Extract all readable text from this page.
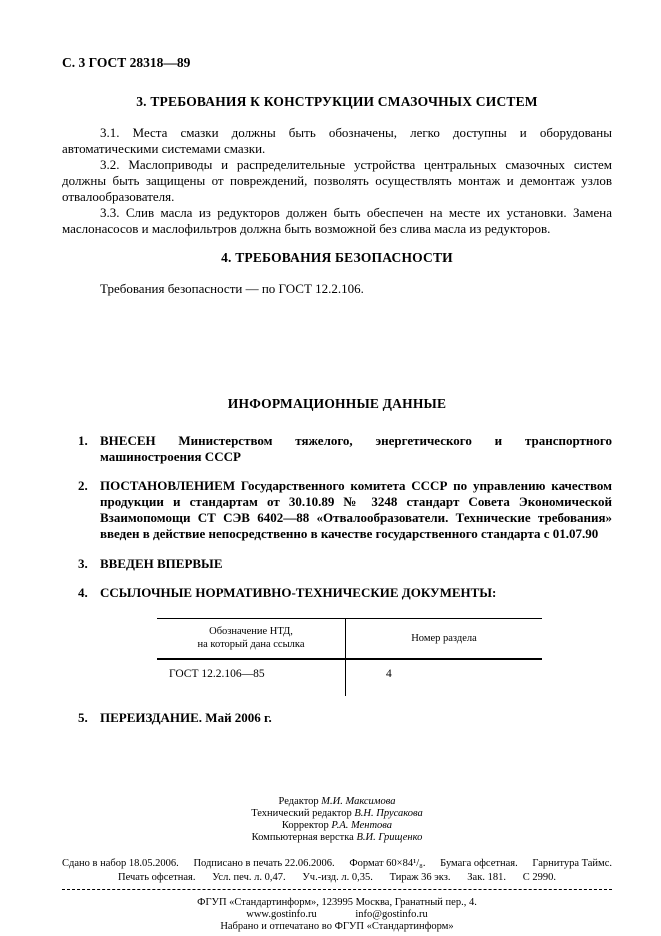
С. 3 ГОСТ 28318—89
3. ТРЕБОВАНИЯ К КОНСТРУКЦИИ СМАЗОЧНЫХ СИСТЕМ

3.1. Места смазки должны быть обозначены, легко доступны и оборудованы автоматическими системами смазки.

3.2. Маслоприводы и распределительные устройства центральных смазочных систем должны быть защищены от повреждений, позволять осуществлять монтаж и демонтаж узлов отвалообразователя.

3.3. Слив масла из редукторов должен быть обеспечен на месте их установки. Замена маслонасосов и маслофильтров должна быть возможной без слива масла из редукторов.

4. ТРЕБОВАНИЯ БЕЗОПАСНОСТИ

Требования безопасности — по ГОСТ 12.2.106.

ИНФОРМАЦИОННЫЕ ДАННЫЕ

1. ВНЕСЕН Министерством тяжелого, энергетического и транспортного машиностроения СССР

2. ПОСТАНОВЛЕНИЕМ Государственного комитета СССР по управлению качеством продукции и стандартам от 30.10.89 № 3248 стандарт Совета Экономической Взаимопомощи СТ СЭВ 6402—88 «Отвалообразователи. Технические требования» введен в действие непосредственно в качестве государственного стандарта с 01.07.90

3. ВВЕДЕН ВПЕРВЫЕ

4. ССЫЛОЧНЫЕ НОРМАТИВНО-ТЕХНИЧЕСКИЕ ДОКУМЕНТЫ:

Обозначение НТД,
на который дана ссылка
Номер раздела
ГОСТ 12.2.106—85	4

5. ПЕРЕИЗДАНИЕ. Май 2006 г.

Редактор М.И. Максимова
Технический редактор В.Н. Прусакова
Корректор Р.А. Ментова
Компьютерная верстка В.И. Грищенко
Сдано в набор 18.05.2006. Подписано в печать 22.06.2006. Формат 60×84¹/₈. Бумага офсетная. Гарнитура Таймс.
Печать офсетная. Усл. печ. л. 0,47. Уч.-изд. л. 0,35. Тираж 36 экз. Зак. 181. С 2990.
ФГУП «Стандартинформ», 123995 Москва, Гранатный пер., 4.
www.gostinfo.ru	info@gostinfo.ru
Набрано и отпечатано во ФГУП «Стандартинформ»
